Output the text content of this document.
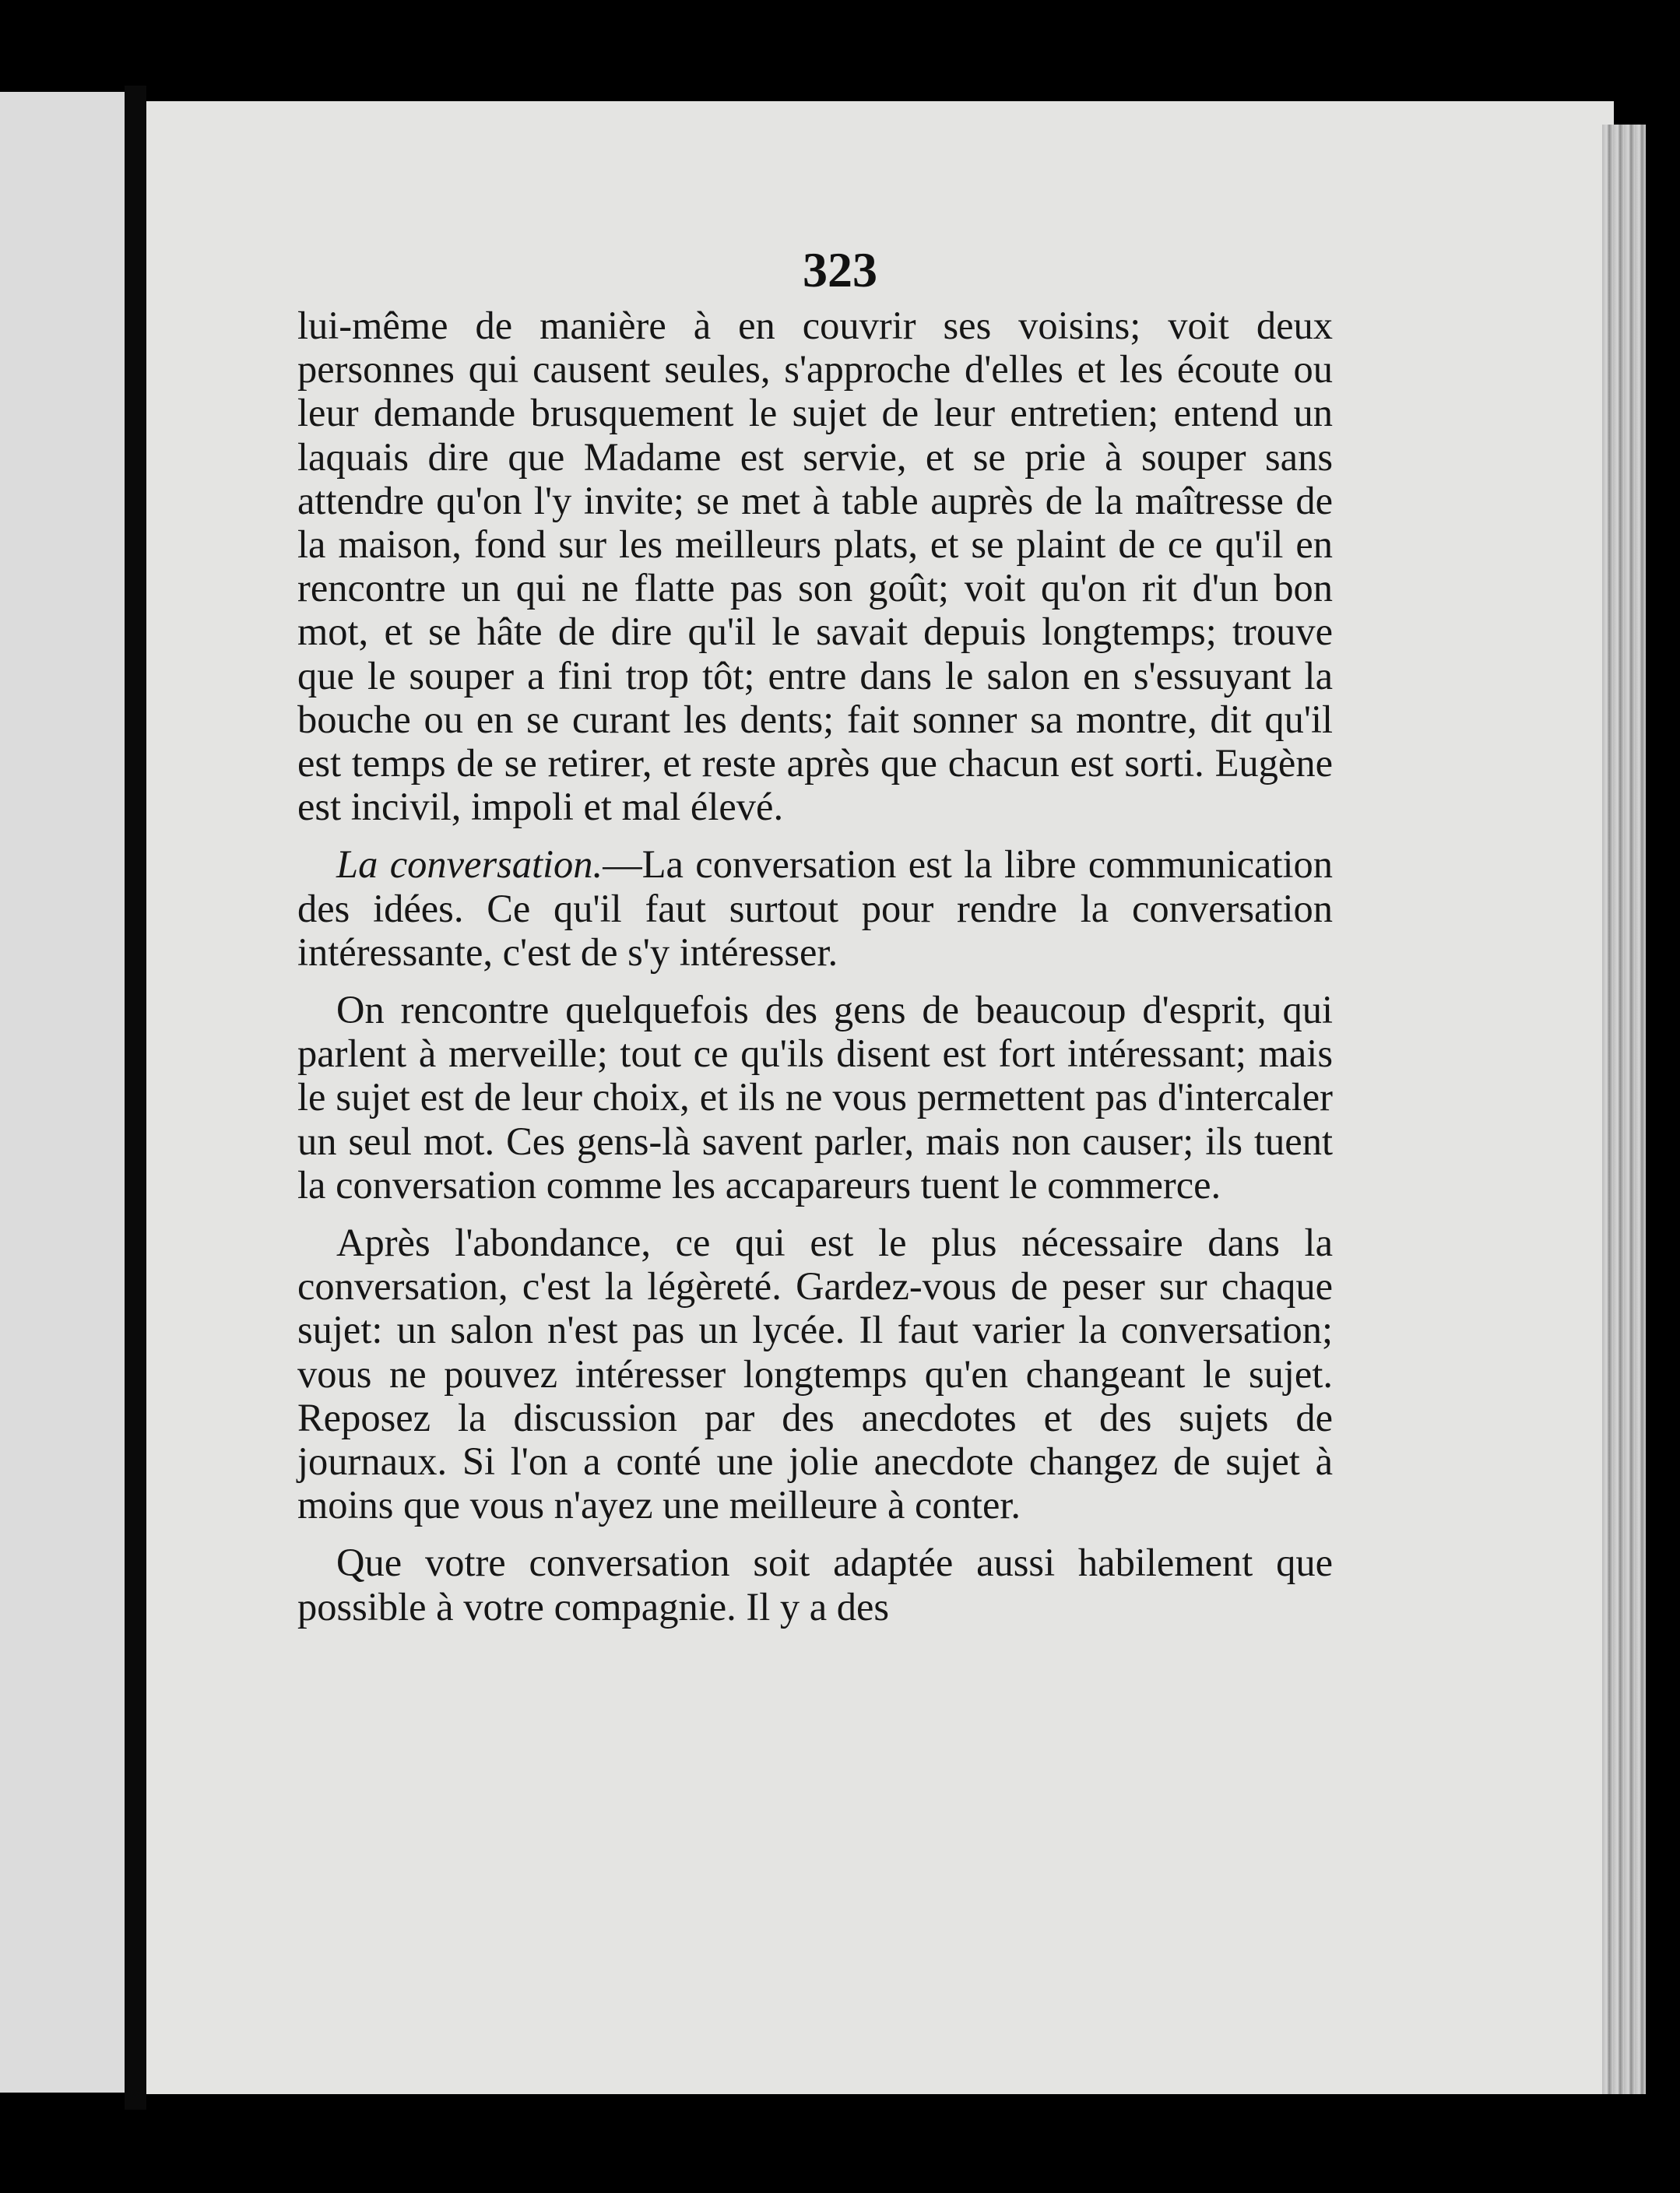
323

lui-même de manière à en couvrir ses voisins; voit deux personnes qui causent seules, s'approche d'elles et les écoute ou leur demande brusquement le sujet de leur entretien; entend un laquais dire que Madame est servie, et se prie à souper sans attendre qu'on l'y invite; se met à table auprès de la maîtresse de la maison, fond sur les meilleurs plats, et se plaint de ce qu'il en rencontre un qui ne flatte pas son goût; voit qu'on rit d'un bon mot, et se hâte de dire qu'il le savait depuis longtemps; trouve que le souper a fini trop tôt; entre dans le salon en s'essuyant la bouche ou en se curant les dents; fait sonner sa montre, dit qu'il est temps de se retirer, et reste après que chacun est sorti. Eugène est incivil, impoli et mal élevé.

La conversation.—La conversation est la libre communication des idées. Ce qu'il faut surtout pour rendre la conversation intéressante, c'est de s'y intéresser.

On rencontre quelquefois des gens de beaucoup d'esprit, qui parlent à merveille; tout ce qu'ils disent est fort intéressant; mais le sujet est de leur choix, et ils ne vous permettent pas d'intercaler un seul mot. Ces gens-là savent parler, mais non causer; ils tuent la conversation comme les accapareurs tuent le commerce.

Après l'abondance, ce qui est le plus nécessaire dans la conversation, c'est la légèreté. Gardez-vous de peser sur chaque sujet: un salon n'est pas un lycée. Il faut varier la conversation; vous ne pouvez intéresser longtemps qu'en changeant le sujet. Reposez la discussion par des anecdotes et des sujets de journaux. Si l'on a conté une jolie anecdote changez de sujet à moins que vous n'ayez une meilleure à conter.

Que votre conversation soit adaptée aussi habilement que possible à votre compagnie. Il y a des
